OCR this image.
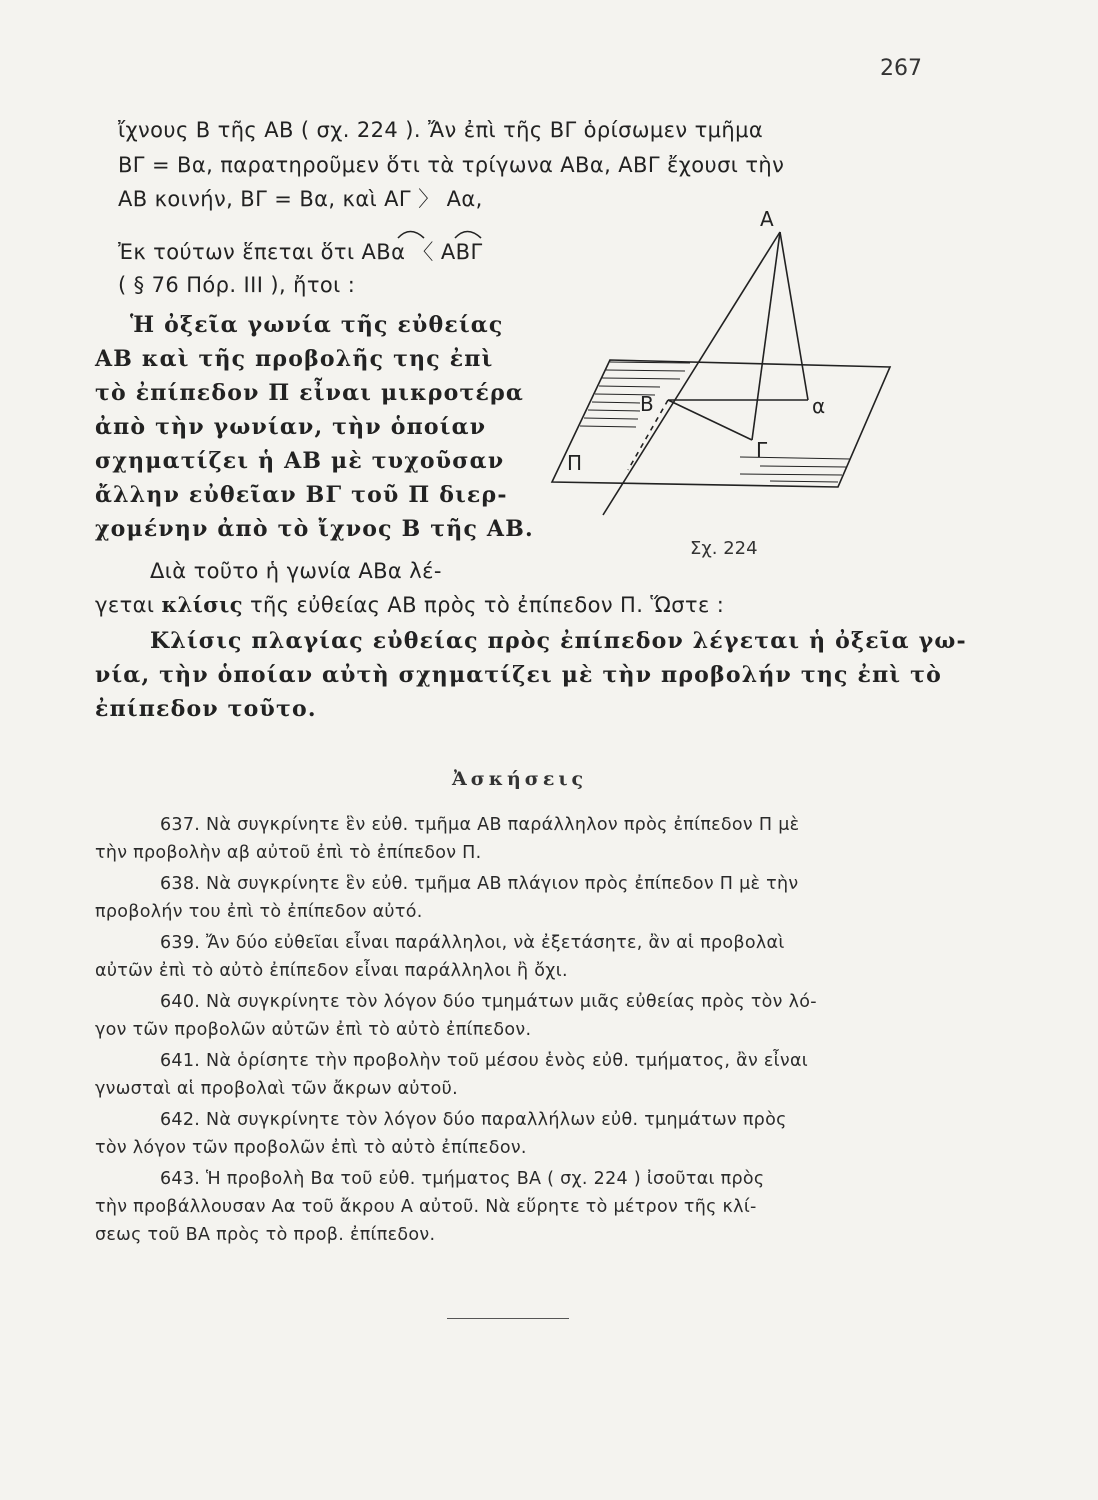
267
ἴχνους Β τῆς ΑΒ ( σχ. 224 ). Ἄν ἐπὶ τῆς ΒΓ ὁρίσωμεν τμῆμα
ΒΓ = Βα, παρατηροῦμεν ὅτι τὰ τρίγωνα ΑΒα, ΑΒΓ ἔχουσι τὴν
ΑΒ κοινήν, ΒΓ = Βα, καὶ ΑΓ 〉 Αα,
Ἐκ τούτων ἕπεται ὅτι ΑΒα 〈 ΑΒΓ
( § 76 Πόρ. ΙΙΙ ), ἤτοι :
Ἡ ὀξεῖα γωνία τῆς εὐθείας
ΑΒ καὶ τῆς προβολῆς της ἐπὶ
τὸ ἐπίπεδον Π εἶναι μικροτέρα
ἀπὸ τὴν γωνίαν, τὴν ὁποίαν
σχηματίζει ἡ ΑΒ μὲ τυχοῦσαν
ἄλλην εὐθεῖαν ΒΓ τοῦ Π διερ-
χομένην ἀπὸ τὸ ἴχνος Β τῆς ΑΒ.
Διὰ τοῦτο ἡ γωνία ΑΒα λέ-
γεται κλίσις τῆς εὐθείας ΑΒ πρὸς τὸ ἐπίπεδον Π. Ὥστε :
Κλίσις πλαγίας εὐθείας πρὸς ἐπίπεδον λέγεται ἡ ὀξεῖα γω-
νία, τὴν ὁποίαν αὐτὴ σχηματίζει μὲ τὴν προβολήν της ἐπὶ τὸ
ἐπίπεδον τοῦτο.
Α
Β	α
Γ
Π
Σχ. 224
Ἀσκήσεις
637. Νὰ συγκρίνητε ἓν εὐθ. τμῆμα ΑΒ παράλληλον πρὸς ἐπίπεδον Π μὲ
τὴν προβολὴν αβ αὐτοῦ ἐπὶ τὸ ἐπίπεδον Π.
638. Νὰ συγκρίνητε ἓν εὐθ. τμῆμα ΑΒ πλάγιον πρὸς ἐπίπεδον Π μὲ τὴν
προβολήν του ἐπὶ τὸ ἐπίπεδον αὐτό.
639. Ἄν δύο εὐθεῖαι εἶναι παράλληλοι, νὰ ἐξετάσητε, ἂν αἱ προβολαὶ
αὐτῶν ἐπὶ τὸ αὐτὸ ἐπίπεδον εἶναι παράλληλοι ἢ ὄχι.
640. Νὰ συγκρίνητε τὸν λόγον δύο τμημάτων μιᾶς εὐθείας πρὸς τὸν λό-
γον τῶν προβολῶν αὐτῶν ἐπὶ τὸ αὐτὸ ἐπίπεδον.
641. Νὰ ὁρίσητε τὴν προβολὴν τοῦ μέσου ἑνὸς εὐθ. τμήματος, ἂν εἶναι
γνωσταὶ αἱ προβολαὶ τῶν ἄκρων αὐτοῦ.
642. Νὰ συγκρίνητε τὸν λόγον δύο παραλλήλων εὐθ. τμημάτων πρὸς
τὸν λόγον τῶν προβολῶν ἐπὶ τὸ αὐτὸ ἐπίπεδον.
643. Ἡ προβολὴ Βα τοῦ εὐθ. τμήματος ΒΑ ( σχ. 224 ) ἰσοῦται πρὸς
τὴν προβάλλουσαν Αα τοῦ ἄκρου Α αὐτοῦ. Νὰ εὕρητε τὸ μέτρον τῆς κλί-
σεως τοῦ ΒΑ πρὸς τὸ προβ. ἐπίπεδον.
